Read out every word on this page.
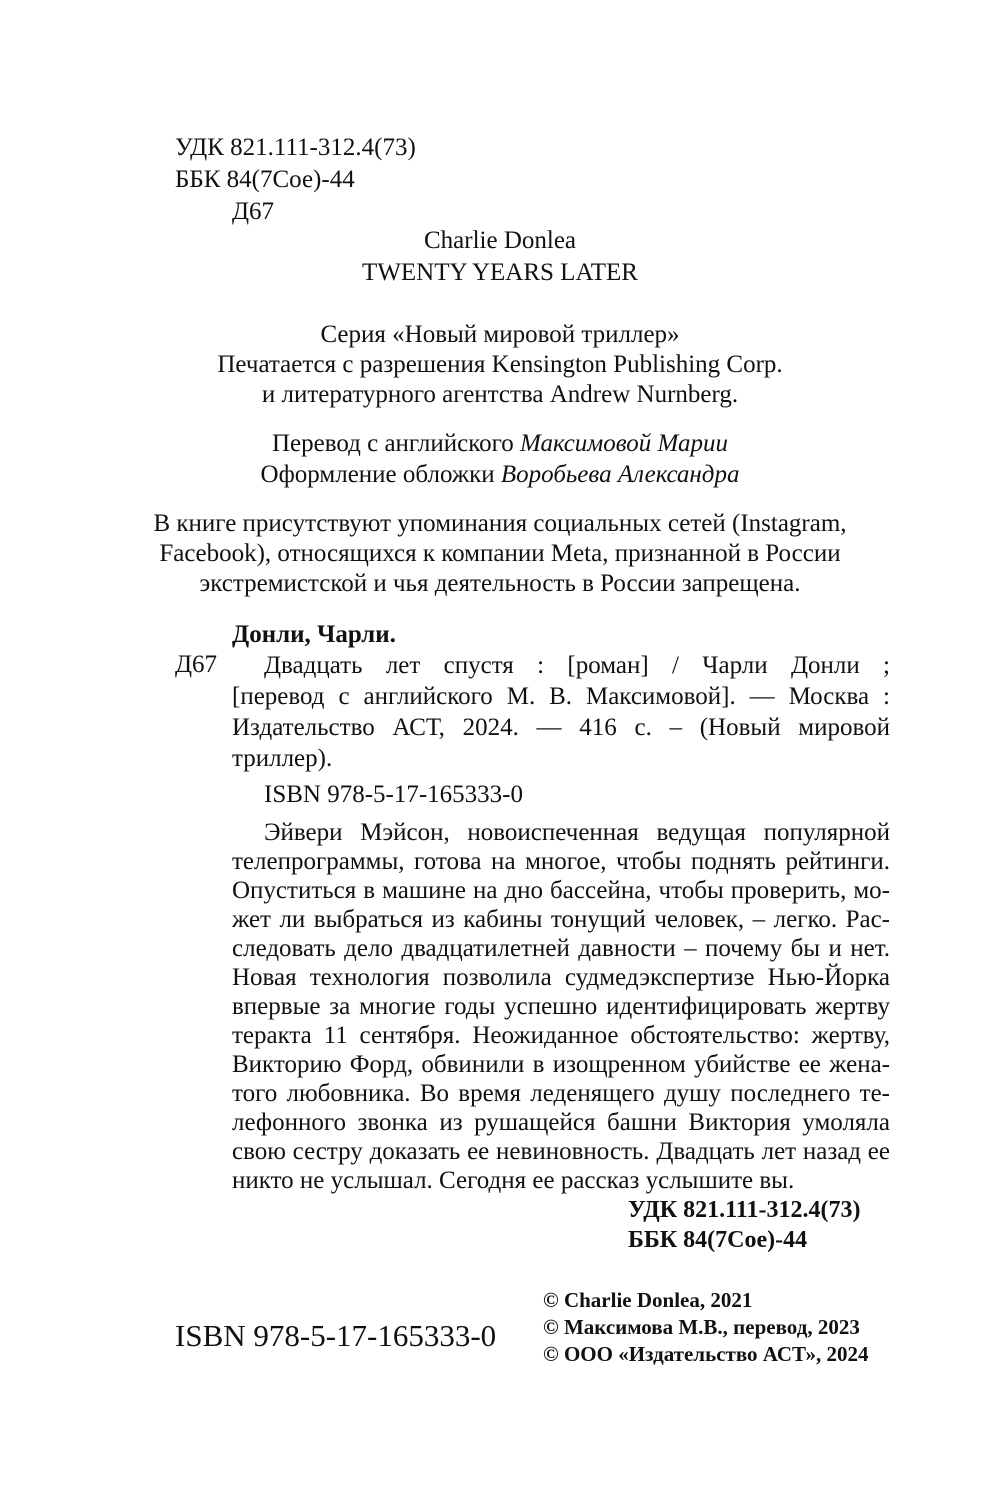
УДК 821.111-312.4(73)
ББК 84(7Сое)-44
Д67
Charlie Donlea
TWENTY YEARS LATER
Серия «Новый мировой триллер»
Печатается с разрешения Kensington Publishing Corp.
и литературного агентства Andrew Nurnberg.
Перевод с английского Максимовой Марии
Оформление обложки Воробьева Александра
В книге присутствуют упоминания социальных сетей (Instagram,
Facebook), относящихся к компании Meta, признанной в России
экстремистской и чья деятельность в России запрещена.
Донли, Чарли.
Д67 Двадцать лет спустя : [роман] / Чарли Донли ;
[перевод с английского М. В. Максимовой]. — Москва :
Издательство АСТ, 2024. — 416 с. – (Новый мировой
триллер).
ISBN 978-5-17-165333-0
Эйвери Мэйсон, новоиспеченная ведущая популярной
телепрограммы, готова на многое, чтобы поднять рейтинги.
Опуститься в машине на дно бассейна, чтобы проверить, мо-
жет ли выбраться из кабины тонущий человек, – легко. Рас-
следовать дело двадцатилетней давности – почему бы и нет.
Новая технология позволила судмедэкспертизе Нью-Йорка
впервые за многие годы успешно идентифицировать жертву
теракта 11 сентября. Неожиданное обстоятельство: жертву,
Викторию Форд, обвинили в изощренном убийстве ее жена-
того любовника. Во время леденящего душу последнего те-
лефонного звонка из рушащейся башни Виктория умоляла
свою сестру доказать ее невиновность. Двадцать лет назад ее
никто не услышал. Сегодня ее рассказ услышите вы.
УДК 821.111-312.4(73)
ББК 84(7Сое)-44
© Charlie Donlea, 2021
© Максимова М.В., перевод, 2023
© ООО «Издательство АСТ», 2024
ISBN 978-5-17-165333-0
